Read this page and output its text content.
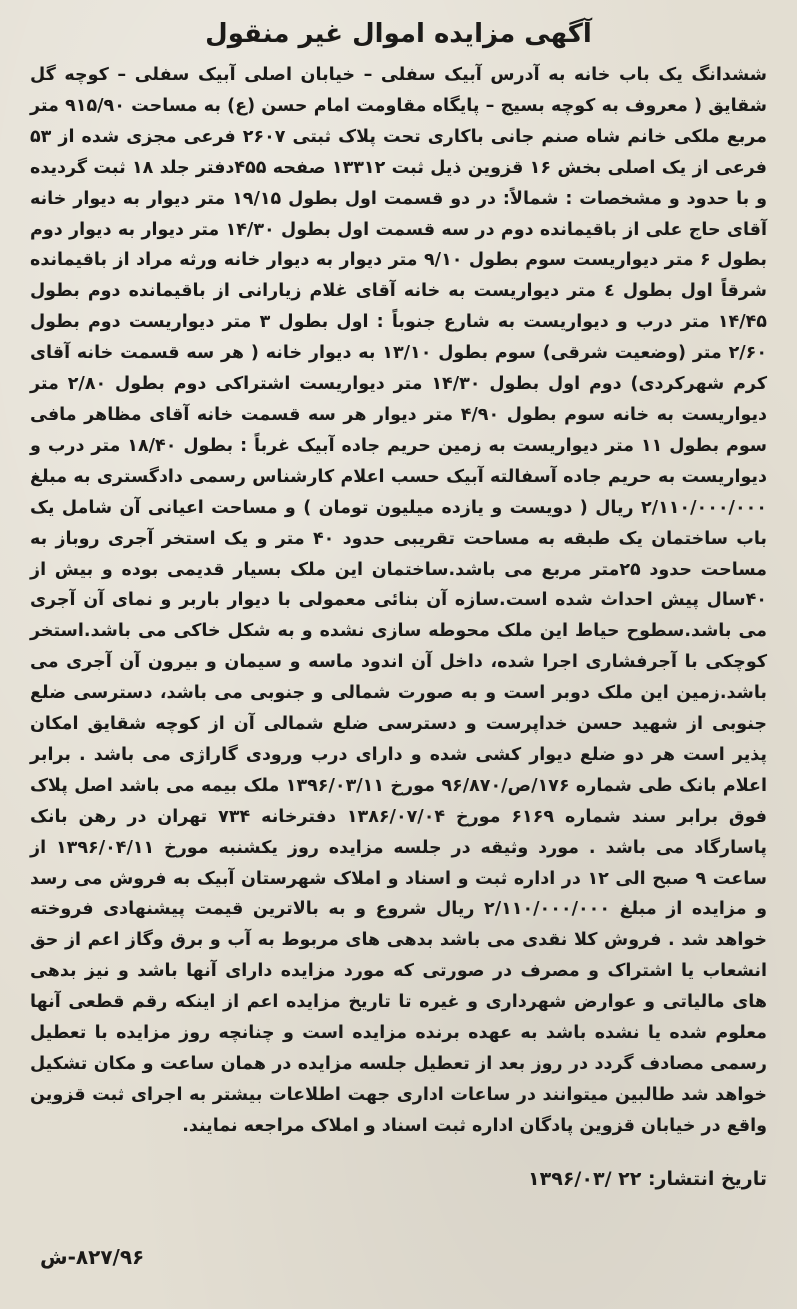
آگهی مزایده اموال غیر منقول

ششدانگ یک باب خانه به آدرس آبیک سفلی – خیابان اصلی آبیک سفلی – کوچه گل شقایق ( معروف به کوچه بسیج – پایگاه مقاومت امام حسن (ع) به مساحت ۹۱۵/۹۰ متر مربع ملکی خانم شاه صنم جانی باکاری تحت پلاک ثبتی ۲۶۰۷ فرعی مجزی شده از ۵۳ فرعی از یک اصلی بخش ۱۶ قزوین ذیل ثبت ۱۳۳۱۲ صفحه ۴۵۵دفتر جلد ۱۸ ثبت گردیده و با حدود و مشخصات : شمالاً: در دو قسمت اول بطول ۱۹/۱۵ متر دیوار به دیوار خانه آقای حاج علی از باقیمانده دوم در سه قسمت اول بطول ۱۴/۳۰ متر دیوار به دیوار دوم بطول ۶ متر دیواریست سوم بطول ۹/۱۰ متر دیوار به دیوار خانه ورثه مراد از باقیمانده شرقاً اول بطول ٤ متر دیواریست به خانه آقای غلام زیارانی از باقیمانده دوم بطول ۱۴/۴۵ متر درب و دیواریست به شارع جنوباً : اول بطول ۳ متر دیواریست دوم بطول ۲/۶۰ متر (وضعیت شرقی) سوم بطول ۱۳/۱۰ به دیوار خانه ( هر سه قسمت خانه آقای کرم شهرکردی) دوم اول بطول ۱۴/۳۰ متر دیواریست اشتراکی دوم بطول ۲/۸۰ متر دیواریست به خانه سوم بطول ۴/۹۰ متر دیوار هر سه قسمت خانه آقای مظاهر مافی سوم بطول ۱۱ متر دیواریست به زمین حریم جاده آبیک غرباً : بطول ۱۸/۴۰ متر درب و دیواریست به حریم جاده آسفالته آبیک حسب اعلام کارشناس رسمی دادگستری به مبلغ ۲/۱۱۰/۰۰۰/۰۰۰ ریال ( دویست و یازده میلیون تومان ) و مساحت اعیانی آن شامل یک باب ساختمان یک طبقه به مساحت تقریبی حدود ۴۰ متر و یک استخر آجری روباز به مساحت حدود ۲۵متر مربع می باشد.ساختمان این ملک بسیار قدیمی بوده و بیش از ۴۰سال پیش احداث شده است.سازه آن بنائی معمولی با دیوار باربر و نمای آن آجری می باشد.سطوح حیاط این ملک محوطه سازی نشده و به شکل خاکی می باشد.استخر کوچکی با آجرفشاری اجرا شده، داخل آن اندود ماسه و سیمان و بیرون آن آجری می باشد.زمین این ملک دوبر است و به صورت شمالی و جنوبی می باشد، دسترسی ضلع جنوبی از شهید حسن خداپرست و دسترسی ضلع شمالی آن از کوچه شقایق امکان پذیر است هر دو ضلع دیوار کشی شده و دارای درب ورودی گاراژی می باشد . برابر اعلام بانک طی شماره ۱۷۶/ص/۹۶/۸۷۰ مورخ ۱۳۹۶/۰۳/۱۱ ملک بیمه می باشد اصل پلاک فوق برابر سند شماره ۶۱۶۹ مورخ ۱۳۸۶/۰۷/۰۴ دفترخانه ۷۳۴ تهران در رهن بانک پاسارگاد می باشد . مورد وثیقه در جلسه مزایده روز یکشنبه مورخ ۱۳۹۶/۰۴/۱۱ از ساعت ۹ صبح الی ۱۲ در اداره ثبت و اسناد و املاک شهرستان آبیک به فروش می رسد و مزایده از مبلغ ۲/۱۱۰/۰۰۰/۰۰۰ ریال شروع و به بالاترین قیمت پیشنهادی فروخته خواهد شد . فروش کلا نقدی می باشد بدهی های مربوط به آب و برق وگاز اعم از حق انشعاب یا اشتراک و مصرف در صورتی که مورد مزایده دارای آنها باشد و نیز بدهی های مالیاتی و عوارض شهرداری و غیره تا تاریخ مزایده اعم از اینکه رقم قطعی آنها معلوم شده یا نشده باشد به عهده برنده مزایده است و چنانچه روز مزایده با تعطیل رسمی مصادف گردد در روز بعد از تعطیل جلسه مزایده در همان ساعت و مکان تشکیل خواهد شد طالبین میتوانند در ساعات اداری جهت اطلاعات بیشتر به اجرای ثبت قزوین واقع در خیابان قزوین پادگان اداره ثبت اسناد و املاک مراجعه نمایند.

تاریخ انتشار: ۲۲ /۱۳۹۶/۰۳
۸۲۷/۹۶-ش
